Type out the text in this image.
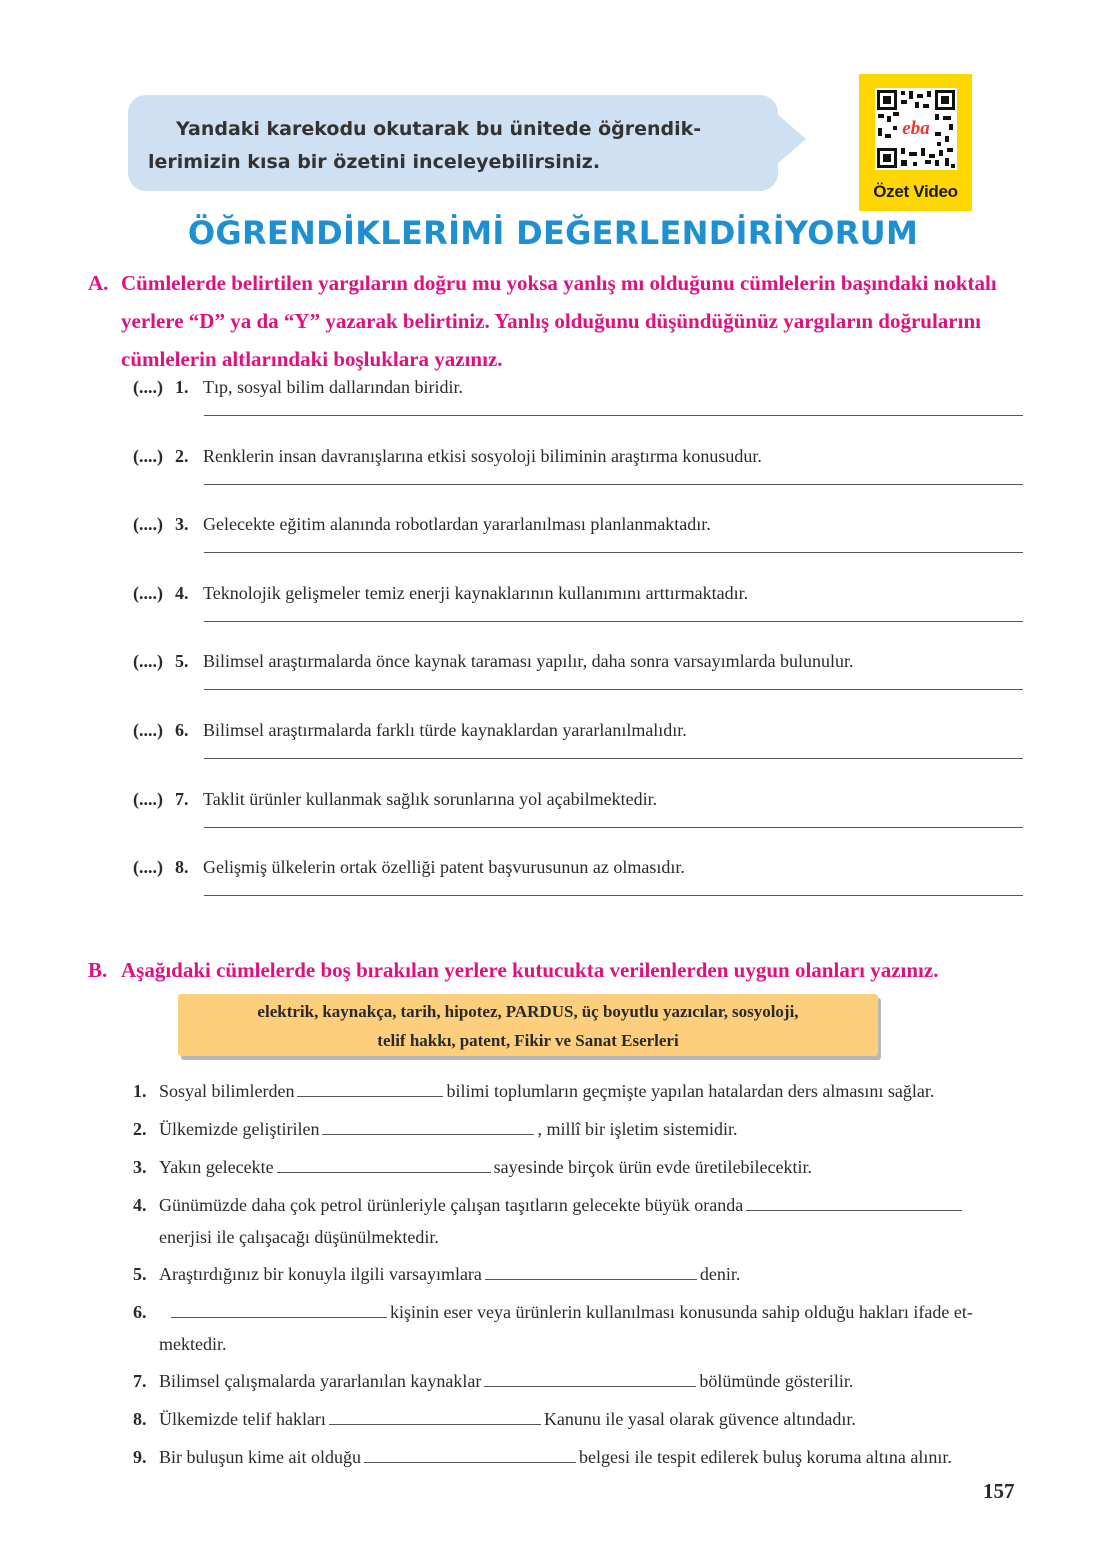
Yandaki karekodu okutarak bu ünitede öğrendik-
lerimizin kısa bir özetini inceleyebilirsiniz.
eba
Özet Video
ÖĞRENDİKLERİMİ DEĞERLENDİRİYORUM
A. Cümlelerde belirtilen yargıların doğru mu yoksa yanlış mı olduğunu cümlelerin başındaki noktalı yerlere “D” ya da “Y” yazarak belirtiniz. Yanlış olduğunu düşündüğünüz yargıların doğrularını cümlelerin altlarındaki boşluklara yazınız.
(....) 1. Tıp, sosyal bilim dallarından biridir.
(....) 2. Renklerin insan davranışlarına etkisi sosyoloji biliminin araştırma konusudur.
(....) 3. Gelecekte eğitim alanında robotlardan yararlanılması planlanmaktadır.
(....) 4. Teknolojik gelişmeler temiz enerji kaynaklarının kullanımını arttırmaktadır.
(....) 5. Bilimsel araştırmalarda önce kaynak taraması yapılır, daha sonra varsayımlarda bulunulur.
(....) 6. Bilimsel araştırmalarda farklı türde kaynaklardan yararlanılmalıdır.
(....) 7. Taklit ürünler kullanmak sağlık sorunlarına yol açabilmektedir.
(....) 8. Gelişmiş ülkelerin ortak özelliği patent başvurusunun az olmasıdır.
B. Aşağıdaki cümlelerde boş bırakılan yerlere kutucukta verilenlerden uygun olanları yazınız.
elektrik, kaynakça, tarih, hipotez, PARDUS, üç boyutlu yazıcılar, sosyoloji,
telif hakkı, patent, Fikir ve Sanat Eserleri
1. Sosyal bilimlerden	bilimi toplumların geçmişte yapılan hatalardan ders almasını sağlar.
2. Ülkemizde geliştirilen	, millî bir işletim sistemidir.
3. Yakın gelecekte	sayesinde birçok ürün evde üretilebilecektir.
4. Günümüzde daha çok petrol ürünleriyle çalışan taşıtların gelecekte büyük oranda
enerjisi ile çalışacağı düşünülmektedir.
5. Araştırdığınız bir konuyla ilgili varsayımlara	denir.
6.	kişinin eser veya ürünlerin kullanılması konusunda sahip olduğu hakları ifade et-
mektedir.
7. Bilimsel çalışmalarda yararlanılan kaynaklar	bölümünde gösterilir.
8. Ülkemizde telif hakları	Kanunu ile yasal olarak güvence altındadır.
9. Bir buluşun kime ait olduğu	belgesi ile tespit edilerek buluş koruma altına alınır.
157
